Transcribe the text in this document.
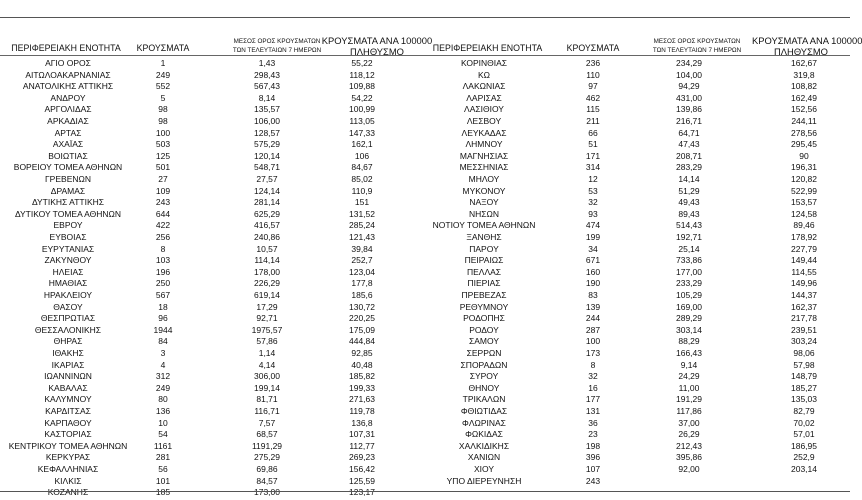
ΠΕΡΙΦΕΡΕΙΑΚΗ ΕΝΟΤΗΤΑ	ΚΡΟΥΣΜΑΤΑ
ΜΕΣΟΣ ΟΡΟΣ ΚΡΟΥΣΜΑΤΩΝ
ΤΩΝ ΤΕΛΕΥΤΑΙΩΝ 7 ΗΜΕΡΩΝ
ΚΡΟΥΣΜΑΤΑ ΑΝΑ 100000
ΠΛΗΘΥΣΜΟ	ΠΕΡΙΦΕΡΕΙΑΚΗ ΕΝΟΤΗΤΑ	ΚΡΟΥΣΜΑΤΑ
ΜΕΣΟΣ ΟΡΟΣ ΚΡΟΥΣΜΑΤΩΝ
ΤΩΝ ΤΕΛΕΥΤΑΙΩΝ 7 ΗΜΕΡΩΝ
ΚΡΟΥΣΜΑΤΑ ΑΝΑ 100000
ΠΛΗΘΥΣΜΟ
ΑΓΙΟ ΟΡΟΣ	1	1,43	55,22
ΑΙΤΩΛΟΑΚΑΡΝΑΝΙΑΣ	249	298,43	118,12
ΑΝΑΤΟΛΙΚΗΣ ΑΤΤΙΚΗΣ	552	567,43	109,88
ΑΝΔΡΟΥ	5	8,14	54,22
ΑΡΓΟΛΙΔΑΣ	98	135,57	100,99
ΑΡΚΑΔΙΑΣ	98	106,00	113,05
ΑΡΤΑΣ	100	128,57	147,33
ΑΧΑΪΑΣ	503	575,29	162,1
ΒΟΙΩΤΙΑΣ	125	120,14	106
ΒΟΡΕΙΟΥ ΤΟΜΕΑ ΑΘΗΝΩΝ	501	548,71	84,67
ΓΡΕΒΕΝΩΝ	27	27,57	85,02
ΔΡΑΜΑΣ	109	124,14	110,9
ΔΥΤΙΚΗΣ ΑΤΤΙΚΗΣ	243	281,14	151
ΔΥΤΙΚΟΥ ΤΟΜΕΑ ΑΘΗΝΩΝ	644	625,29	131,52
ΕΒΡΟΥ	422	416,57	285,24
ΕΥΒΟΙΑΣ	256	240,86	121,43
ΕΥΡΥΤΑΝΙΑΣ	8	10,57	39,84
ΖΑΚΥΝΘΟΥ	103	114,14	252,7
ΗΛΕΙΑΣ	196	178,00	123,04
ΗΜΑΘΙΑΣ	250	226,29	177,8
ΗΡΑΚΛΕΙΟΥ	567	619,14	185,6
ΘΑΣΟΥ	18	17,29	130,72
ΘΕΣΠΡΩΤΙΑΣ	96	92,71	220,25
ΘΕΣΣΑΛΟΝΙΚΗΣ	1944	1975,57	175,09
ΘΗΡΑΣ	84	57,86	444,84
ΙΘΑΚΗΣ	3	1,14	92,85
ΙΚΑΡΙΑΣ	4	4,14	40,48
ΙΩΑΝΝΙΝΩΝ	312	306,00	185,82
ΚΑΒΑΛΑΣ	249	199,14	199,33
ΚΑΛΥΜΝΟΥ	80	81,71	271,63
ΚΑΡΔΙΤΣΑΣ	136	116,71	119,78
ΚΑΡΠΑΘΟΥ	10	7,57	136,8
ΚΑΣΤΟΡΙΑΣ	54	68,57	107,31
ΚΕΝΤΡΙΚΟΥ ΤΟΜΕΑ ΑΘΗΝΩΝ	1161	1191,29	112,77
ΚΕΡΚΥΡΑΣ	281	275,29	269,23
ΚΕΦΑΛΛΗΝΙΑΣ	56	69,86	156,42
ΚΙΛΚΙΣ	101	84,57	125,59
ΚΟΖΑΝΗΣ	185	173,00	123,17
ΚΟΡΙΝΘΙΑΣ	236	234,29	162,67
ΚΩ	110	104,00	319,8
ΛΑΚΩΝΙΑΣ	97	94,29	108,82
ΛΑΡΙΣΑΣ	462	431,00	162,49
ΛΑΣΙΘΙΟΥ	115	139,86	152,56
ΛΕΣΒΟΥ	211	216,71	244,11
ΛΕΥΚΑΔΑΣ	66	64,71	278,56
ΛΗΜΝΟΥ	51	47,43	295,45
ΜΑΓΝΗΣΙΑΣ	171	208,71	90
ΜΕΣΣΗΝΙΑΣ	314	283,29	196,31
ΜΗΛΟΥ	12	14,14	120,82
ΜΥΚΟΝΟΥ	53	51,29	522,99
ΝΑΞΟΥ	32	49,43	153,57
ΝΗΣΩΝ	93	89,43	124,58
ΝΟΤΙΟΥ ΤΟΜΕΑ ΑΘΗΝΩΝ	474	514,43	89,46
ΞΑΝΘΗΣ	199	192,71	178,92
ΠΑΡΟΥ	34	25,14	227,79
ΠΕΙΡΑΙΩΣ	671	733,86	149,44
ΠΕΛΛΑΣ	160	177,00	114,55
ΠΙΕΡΙΑΣ	190	233,29	149,96
ΠΡΕΒΕΖΑΣ	83	105,29	144,37
ΡΕΘΥΜΝΟΥ	139	169,00	162,37
ΡΟΔΟΠΗΣ	244	289,29	217,78
ΡΟΔΟΥ	287	303,14	239,51
ΣΑΜΟΥ	100	88,29	303,24
ΣΕΡΡΩΝ	173	166,43	98,06
ΣΠΟΡΑΔΩΝ	8	9,14	57,98
ΣΥΡΟΥ	32	24,29	148,79
ΘΗΝΟΥ	16	11,00	185,27
ΤΡΙΚΑΛΩΝ	177	191,29	135,03
ΦΘΙΩΤΙΔΑΣ	131	117,86	82,79
ΦΛΩΡΙΝΑΣ	36	37,00	70,02
ΦΩΚΙΔΑΣ	23	26,29	57,01
ΧΑΛΚΙΔΙΚΗΣ	198	212,43	186,95
ΧΑΝΙΩΝ	396	395,86	252,9
ΧΙΟΥ	107	92,00	203,14
ΥΠΟ ΔΙΕΡΕΥΝΗΣΗ	243
